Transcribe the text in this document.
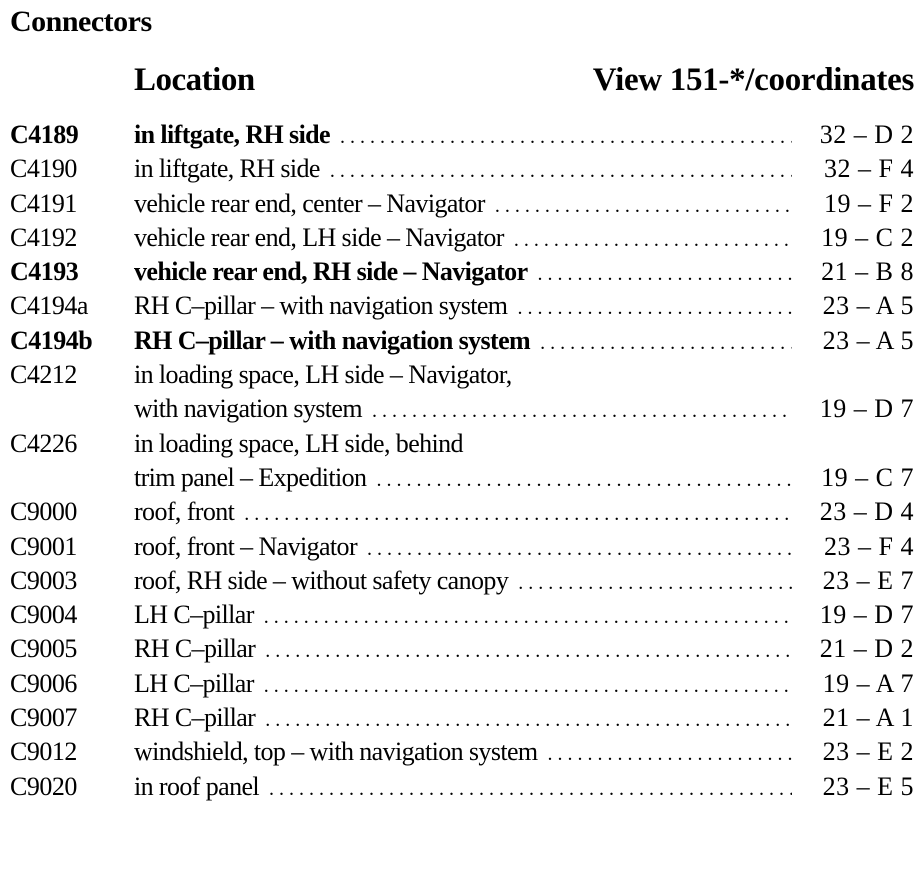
Connectors
Location	View 151-*/coordinates
C4189 in liftgate, RH side . . .	32 – D 2
C4190 in liftgate, RH side . . .	32 – F 4
C4191 vehicle rear end, center – Navigator . . .	19 – F 2
C4192 vehicle rear end, LH side – Navigator . . .	19 – C 2
C4193 vehicle rear end, RH side – Navigator . . .	21 – B 8
C4194a RH C–pillar – with navigation system . . .	23 – A 5
C4194b RH C–pillar – with navigation system . . .	23 – A 5
C4212 in loading space, LH side – Navigator,
with navigation system . . .	19 – D 7
C4226 in loading space, LH side, behind
trim panel – Expedition . . .	19 – C 7
C9000 roof, front . . .	23 – D 4
C9001 roof, front – Navigator . . .	23 – F 4
C9003 roof, RH side – without safety canopy . . .	23 – E 7
C9004 LH C–pillar . . .	19 – D 7
C9005 RH C–pillar . . .	21 – D 2
C9006 LH C–pillar . . .	19 – A 7
C9007 RH C–pillar . . .	21 – A 1
C9012 windshield, top – with navigation system . . .	23 – E 2
C9020 in roof panel . . .	23 – E 5
